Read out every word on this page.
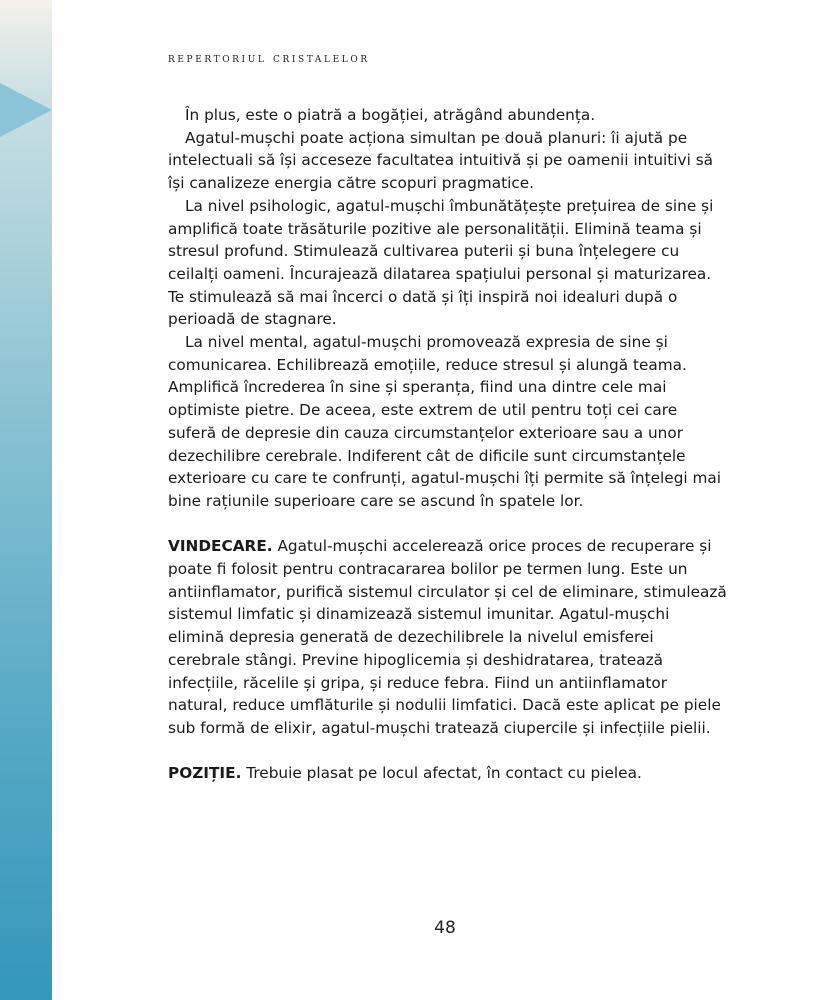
repertoriul cristalelor

În plus, este o piatră a bogăției, atrăgând abundența.

Agatul-mușchi poate acționa simultan pe două planuri: îi ajută pe intelectuali să își acceseze facultatea intuitivă și pe oamenii intuitivi să își canalizeze energia către scopuri pragmatice.

La nivel psihologic, agatul-mușchi îmbunătățește prețuirea de sine și amplifică toate trăsăturile pozitive ale personalității. Elimină teama și stresul profund. Stimulează cultivarea puterii și buna înțelegere cu ceilalți oameni. Încurajează dilatarea spațiului personal și maturizarea. Te stimulează să mai încerci o dată și îți inspiră noi idealuri după o perioadă de stagnare.

La nivel mental, agatul-mușchi promovează expresia de sine și comunicarea. Echilibrează emoțiile, reduce stresul și alungă teama. Amplifică încrederea în sine și speranța, fiind una dintre cele mai optimiste pietre. De aceea, este extrem de util pentru toți cei care suferă de depresie din cauza circumstanțelor exterioare sau a unor dezechilibre cerebrale. Indiferent cât de dificile sunt circumstanțele exterioare cu care te confrunți, agatul-mușchi îți permite să înțelegi mai bine rațiunile superioare care se ascund în spatele lor.

VINDECARE. Agatul-mușchi accelerează orice proces de recuperare și poate fi folosit pentru contracararea bolilor pe termen lung. Este un antiinflamator, purifică sistemul circulator și cel de eliminare, stimulează sistemul limfatic și dinamizează sistemul imunitar. Agatul-mușchi elimină depresia generată de dezechilibrele la nivelul emisferei cerebrale stângi. Previne hipoglicemia și deshidratarea, tratează infecțiile, răcelile și gripa, și reduce febra. Fiind un antiinflamator natural, reduce umflăturile și nodulii limfatici. Dacă este aplicat pe piele sub formă de elixir, agatul-mușchi tratează ciupercile și infecțiile pielii.

POZIȚIE. Trebuie plasat pe locul afectat, în contact cu pielea.

48
